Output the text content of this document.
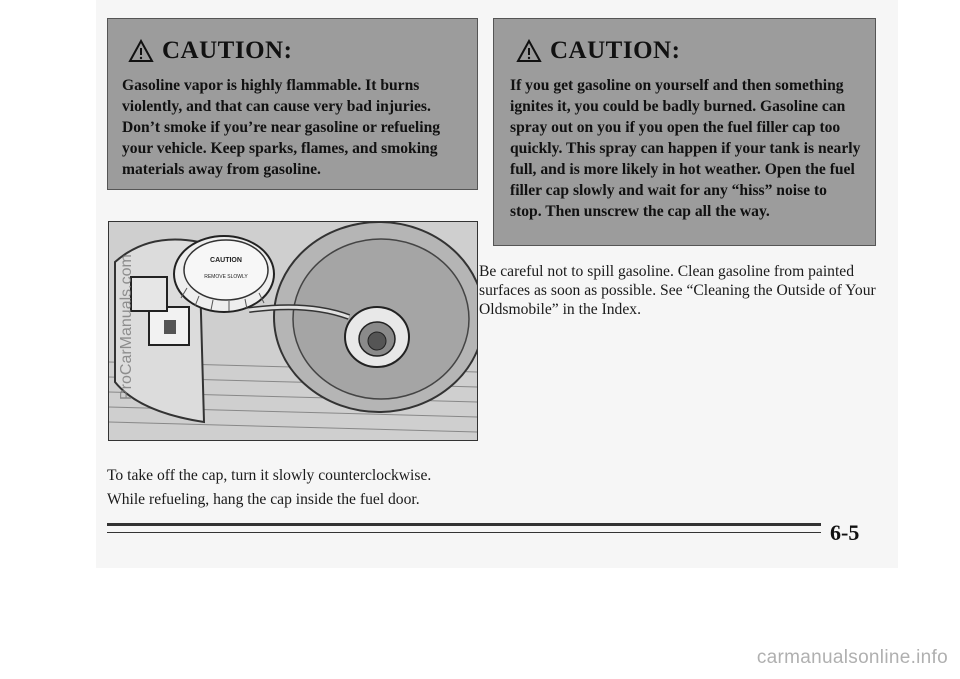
CAUTION:

Gasoline vapor is highly flammable. It burns violently, and that can cause very bad injuries. Don’t smoke if you’re near gasoline or refueling your vehicle. Keep sparks, flames, and smoking materials away from gasoline.

CAUTION:

If you get gasoline on yourself and then something ignites it, you could be badly burned. Gasoline can spray out on you if you open the fuel filler cap too quickly. This spray can happen if your tank is nearly full, and is more likely in hot weather. Open the fuel filler cap slowly and wait for any “hiss” noise to stop. Then unscrew the cap all the way.

CAUTION
REMOVE SLOWLY	Be careful not to spill gasoline. Clean gasoline from painted surfaces as soon as possible. See “Cleaning the Outside of Your Oldsmobile” in the Index.

To take off the cap, turn it slowly counterclockwise.

While refueling, hang the cap inside the fuel door.

6-5
ProCarManuals.com
carmanualsonline.info
